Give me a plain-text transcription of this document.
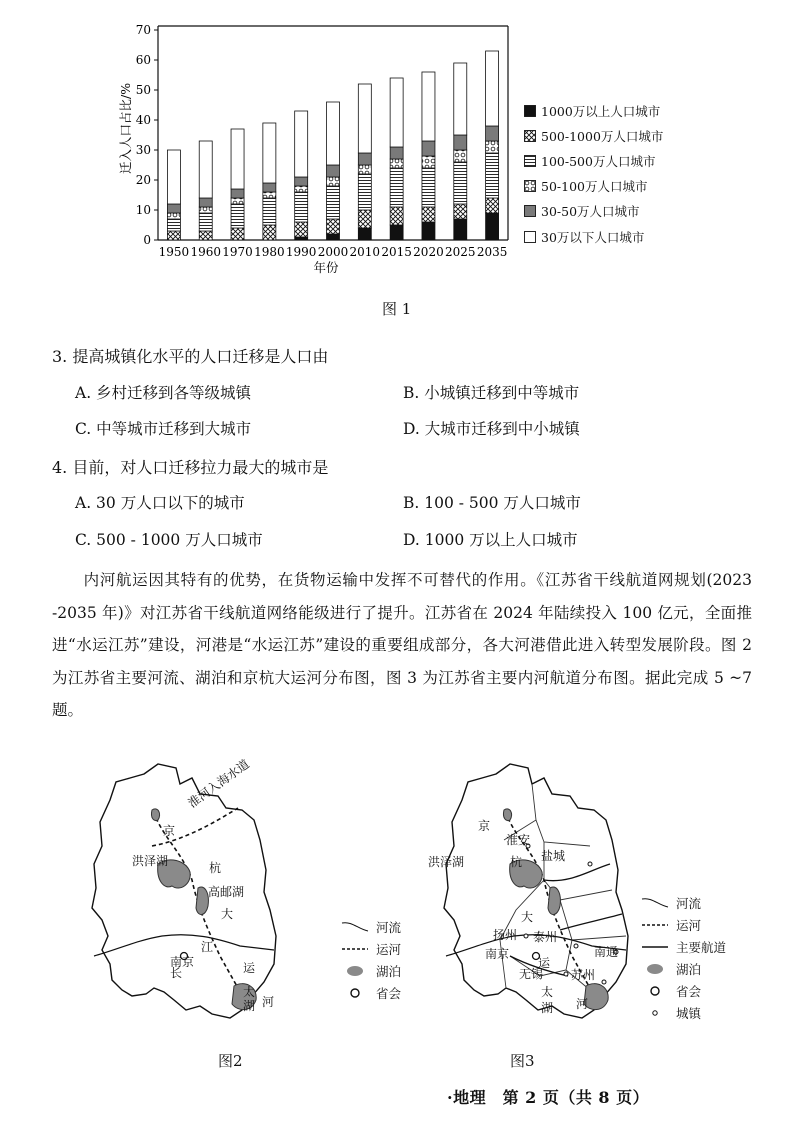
0
10
20
30
40
50
60
70
1950 1960 1970 1980 1990 2000 2010 2015 2020 2025 2035
迁入人口占比/%
年份
1000万以上人口城市
500-1000万人口城市
100-500万人口城市
50-100万人口城市
30-50万人口城市
30万以下人口城市
图 1
3. 提高城镇化水平的人口迁移是人口由
A. 乡村迁移到各等级城镇	B. 小城镇迁移到中等城市
C. 中等城市迁移到大城市	D. 大城市迁移到中小城镇
4. 目前，对人口迁移拉力最大的城市是
A. 30 万人口以下的城市	B. 100 - 500 万人口城市
C. 500 - 1000 万人口城市	D. 1000 万以上人口城市
内河航运因其特有的优势，在货物运输中发挥不可替代的作用。《江苏省干线航道网规划(2023 -2035 年)》对江苏省干线航道网络能级进行了提升。江苏省在 2024 年陆续投入 100 亿元，全面推进“水运江苏”建设，河港是“水运江苏”建设的重要组成部分，各大河港借此进入转型发展阶段。图 2 为江苏省主要河流、湖泊和京杭大运河分布图，图 3 为江苏省主要内河航道分布图。据此完成 5 ~7 题。
京
淮河入海水道
洪泽湖	杭
高邮湖
大
江
南京
长	运
太
湖 河
河流
运河
湖泊
省会
图2
京
淮安
洪泽湖	杭 盐城
大
扬州 泰州
南通
南京
运
无锡 苏州
太
湖 河
河流
运河
主要航道
湖泊
省会
城镇
图3
·地理　第 2 页（共 8 页）
